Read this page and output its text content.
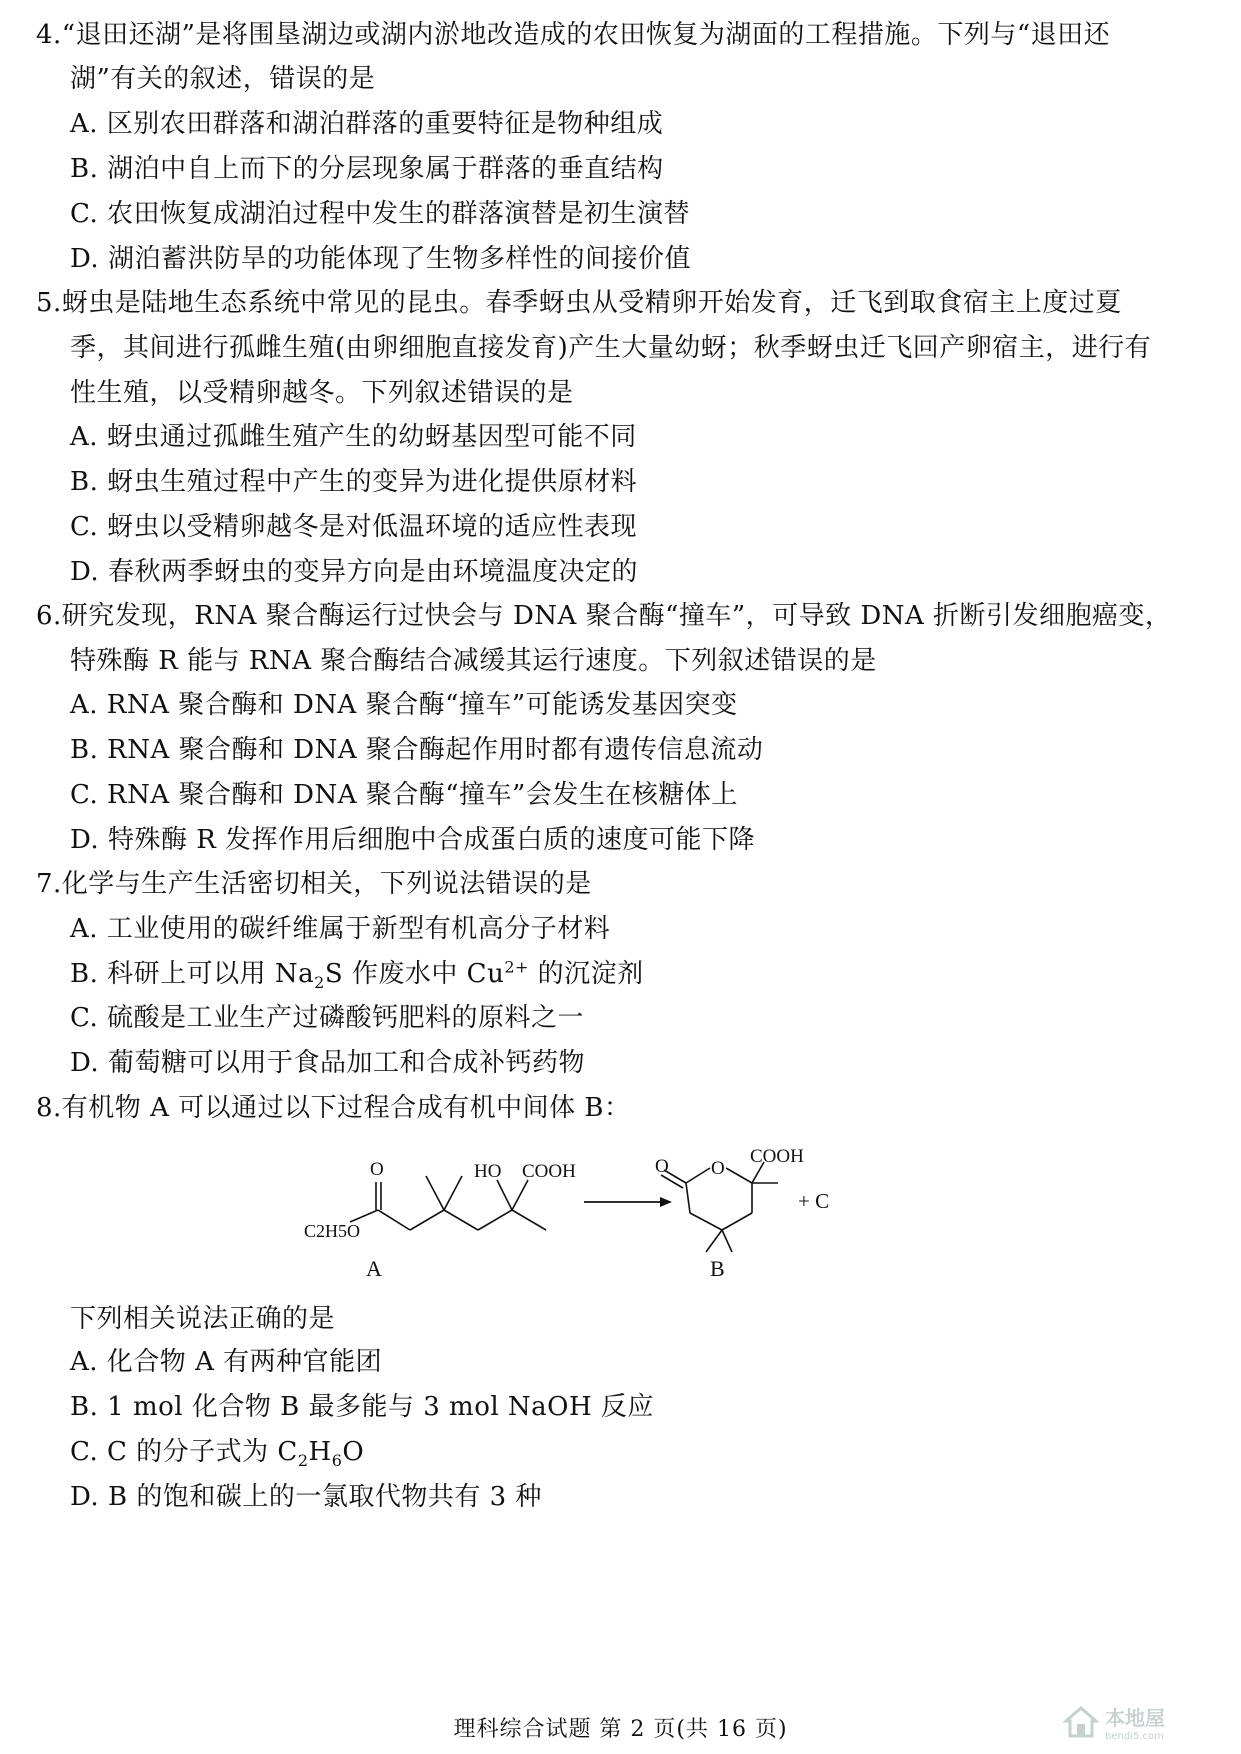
4.“退田还湖”是将围垦湖边或湖内淤地改造成的农田恢复为湖面的工程措施。下列与“退田还
湖”有关的叙述，错误的是
A. 区别农田群落和湖泊群落的重要特征是物种组成
B. 湖泊中自上而下的分层现象属于群落的垂直结构
C. 农田恢复成湖泊过程中发生的群落演替是初生演替
D. 湖泊蓄洪防旱的功能体现了生物多样性的间接价值
5.蚜虫是陆地生态系统中常见的昆虫。春季蚜虫从受精卵开始发育，迁飞到取食宿主上度过夏
季，其间进行孤雌生殖(由卵细胞直接发育)产生大量幼蚜；秋季蚜虫迁飞回产卵宿主，进行有
性生殖，以受精卵越冬。下列叙述错误的是
A. 蚜虫通过孤雌生殖产生的幼蚜基因型可能不同
B. 蚜虫生殖过程中产生的变异为进化提供原材料
C. 蚜虫以受精卵越冬是对低温环境的适应性表现
D. 春秋两季蚜虫的变异方向是由环境温度决定的
6.研究发现，RNA 聚合酶运行过快会与 DNA 聚合酶“撞车”，可导致 DNA 折断引发细胞癌变，
特殊酶 R 能与 RNA 聚合酶结合减缓其运行速度。下列叙述错误的是
A. RNA 聚合酶和 DNA 聚合酶“撞车”可能诱发基因突变
B. RNA 聚合酶和 DNA 聚合酶起作用时都有遗传信息流动
C. RNA 聚合酶和 DNA 聚合酶“撞车”会发生在核糖体上
D. 特殊酶 R 发挥作用后细胞中合成蛋白质的速度可能下降
7.化学与生产生活密切相关，下列说法错误的是
A. 工业使用的碳纤维属于新型有机高分子材料
B. 科研上可以用 $Na_2S$ 作废水中 $Cu^{2+}$ 的沉淀剂
C. 硫酸是工业生产过磷酸钙肥料的原料之一
D. 葡萄糖可以用于食品加工和合成补钙药物
8.有机物 A 可以通过以下过程合成有机中间体 B：
O
C2H5O
HO COOH	O O
COOH
+ C
A	B
下列相关说法正确的是
A. 化合物 A 有两种官能团
B. 1 mol 化合物 B 最多能与 3 mol NaOH 反应
C. C 的分子式为 $C_2H_6O$
D. B 的饱和碳上的一氯取代物共有 3 种
理科综合试题 第 2 页(共 16 页)	本地屋
bendi5.com
